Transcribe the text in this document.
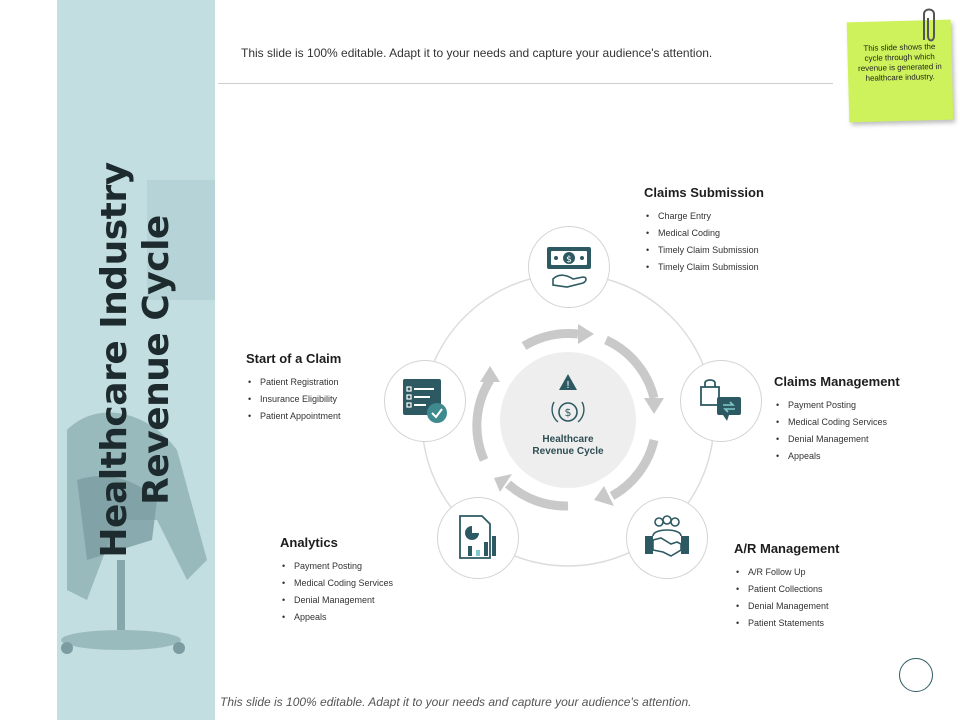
Healthcare Industry Revenue Cycle
This slide is 100% editable. Adapt it to your needs and capture your audience's attention.
This slide is 100% editable. Adapt it to your needs and capture your audience's attention.
This slide shows the cycle through which revenue is generated in healthcare industry.
!
$
Healthcare
Revenue Cycle
$
Claims Submission
• Charge Entry
• Medical Coding
• Timely Claim Submission
• Timely Claim Submission
Claims Management
• Payment Posting
• Medical Coding Services
• Denial Management
• Appeals
A/R Management
• A/R Follow Up
• Patient Collections
• Denial Management
• Patient Statements
Analytics
• Payment Posting
• Medical Coding Services
• Denial Management
• Appeals
Start of a Claim
• Patient Registration
• Insurance Eligibility
• Patient Appointment
